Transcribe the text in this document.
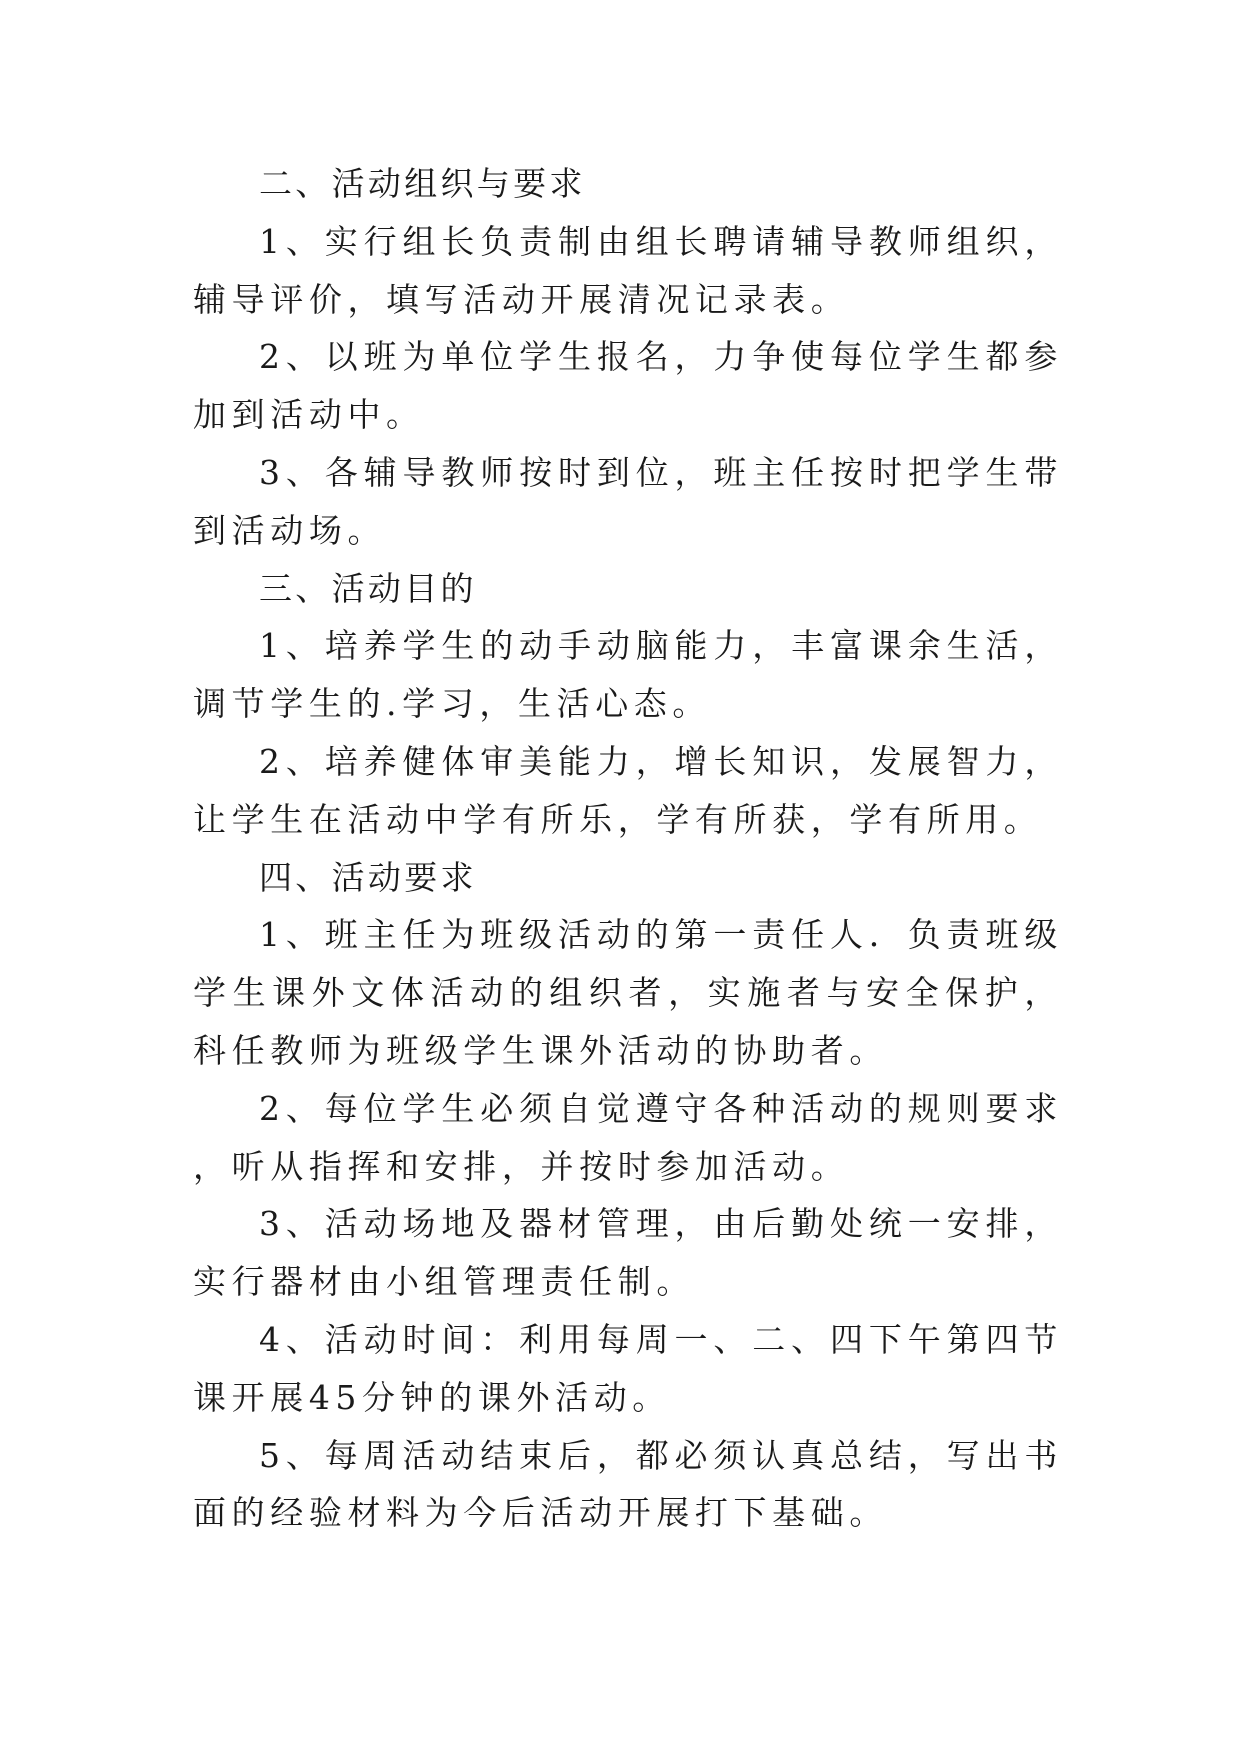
二、活动组织与要求

1、实行组长负责制由组长聘请辅导教师组织，辅导评价，填写活动开展清况记录表。

2、以班为单位学生报名，力争使每位学生都参加到活动中。

3、各辅导教师按时到位，班主任按时把学生带到活动场。

三、活动目的

1、培养学生的动手动脑能力，丰富课余生活，调节学生的.学习，生活心态。

2、培养健体审美能力，增长知识，发展智力，让学生在活动中学有所乐，学有所获，学有所用。

四、活动要求

1、班主任为班级活动的第一责任人．负责班级学生课外文体活动的组织者，实施者与安全保护，科任教师为班级学生课外活动的协助者。

2、每位学生必须自觉遵守各种活动的规则要求，听从指挥和安排，并按时参加活动。

3、活动场地及器材管理，由后勤处统一安排，实行器材由小组管理责任制。

4、活动时间：利用每周一、二、四下午第四节课开展45分钟的课外活动。

5、每周活动结束后，都必须认真总结，写出书面的经验材料为今后活动开展打下基础。
